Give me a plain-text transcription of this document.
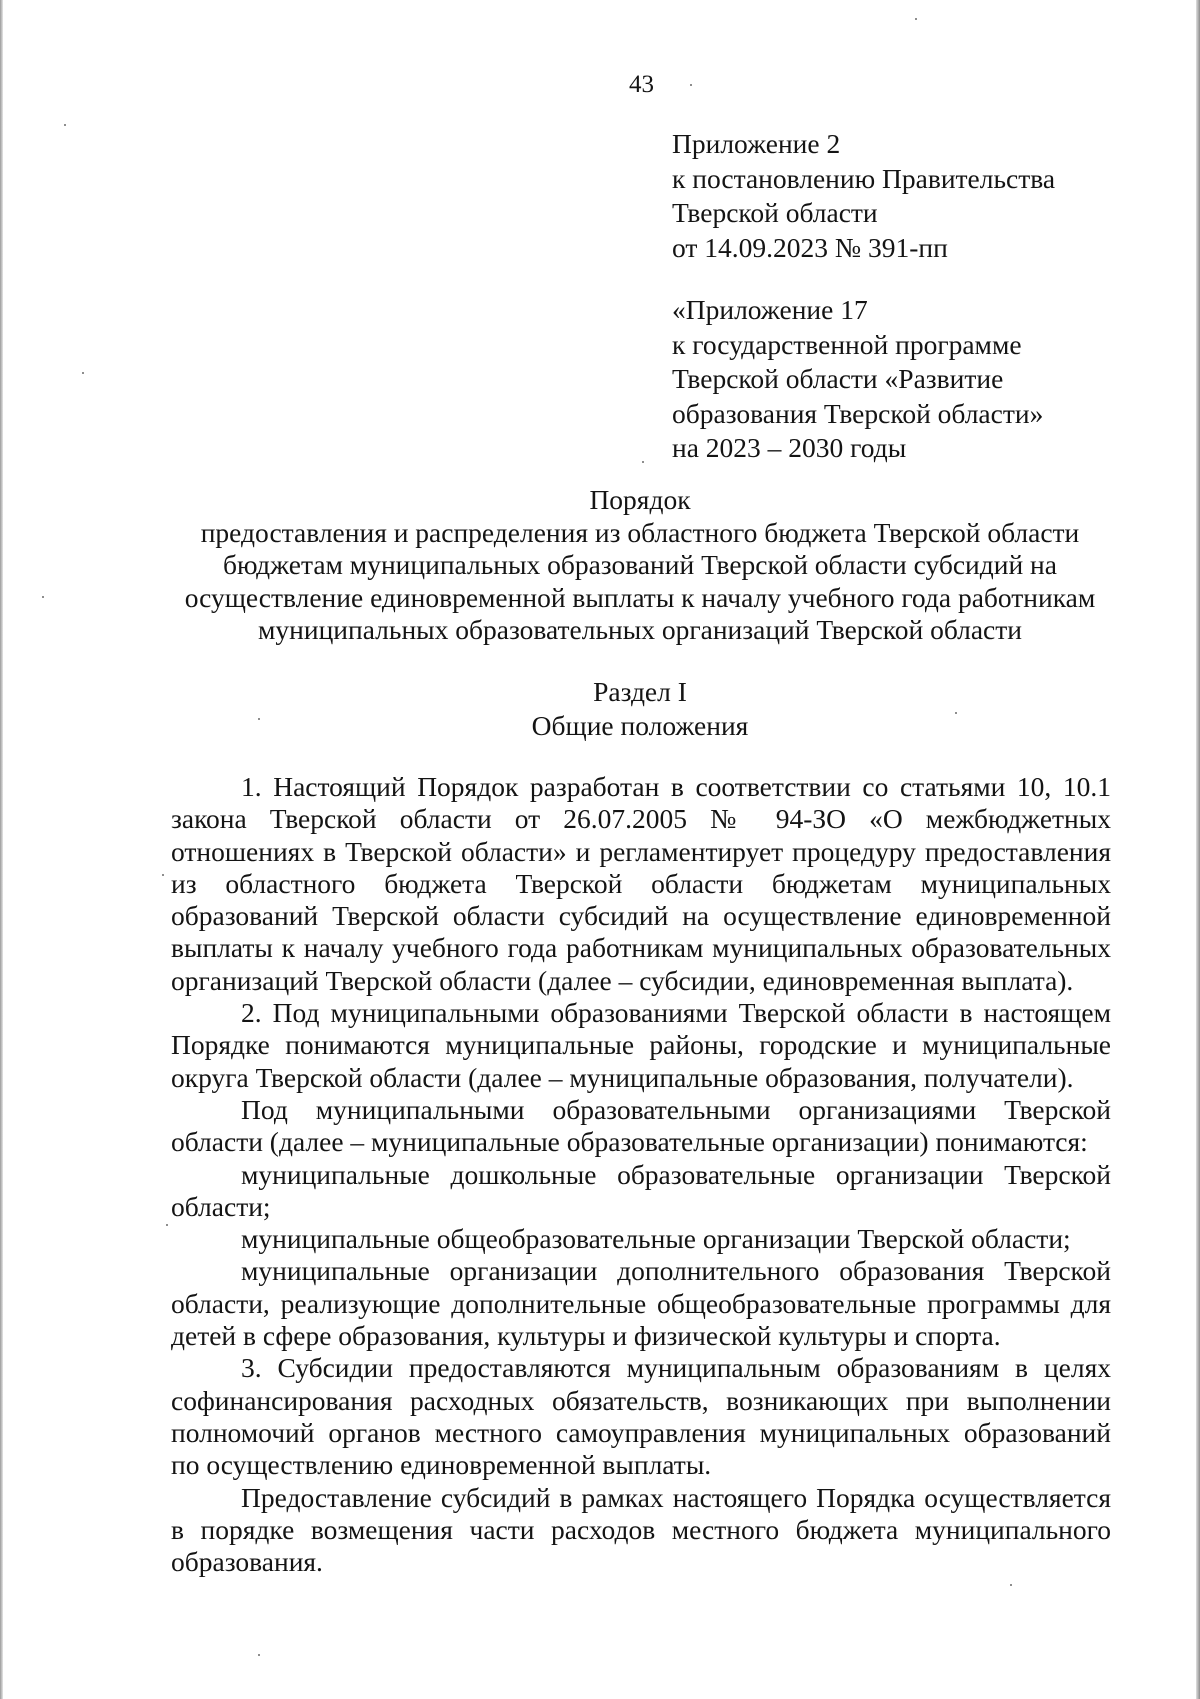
43
Приложение 2
к постановлению Правительства
Тверской области
от 14.09.2023 № 391-пп
«Приложение 17
к государственной программе
Тверской области «Развитие
образования Тверской области»
на 2023 – 2030 годы
Порядок
предоставления и распределения из областного бюджета Тверской области
бюджетам муниципальных образований Тверской области субсидий на
осуществление единовременной выплаты к началу учебного года работникам
муниципальных образовательных организаций Тверской области
Раздел I
Общие положения

1. Настоящий Порядок разработан в соответствии со статьями 10, 10.1 закона Тверской области от 26.07.2005 № 94-ЗО «О межбюджетных отношениях в Тверской области» и регламентирует процедуру предоставления из областного бюджета Тверской области бюджетам муниципальных образований Тверской области субсидий на осуществление единовременной выплаты к началу учебного года работникам муниципальных образовательных организаций Тверской области (далее – субсидии, единовременная выплата).

2. Под муниципальными образованиями Тверской области в настоящем Порядке понимаются муниципальные районы, городские и муниципальные округа Тверской области (далее – муниципальные образования, получатели).

Под муниципальными образовательными организациями Тверской области (далее – муниципальные образовательные организации) понимаются:

муниципальные дошкольные образовательные организации Тверской области;

муниципальные общеобразовательные организации Тверской области;

муниципальные организации дополнительного образования Тверской области, реализующие дополнительные общеобразовательные программы для детей в сфере образования, культуры и физической культуры и спорта.

3. Субсидии предоставляются муниципальным образованиям в целях софинансирования расходных обязательств, возникающих при выполнении полномочий органов местного самоуправления муниципальных образований по осуществлению единовременной выплаты.

Предоставление субсидий в рамках настоящего Порядка осуществляется в порядке возмещения части расходов местного бюджета муниципального образования.
